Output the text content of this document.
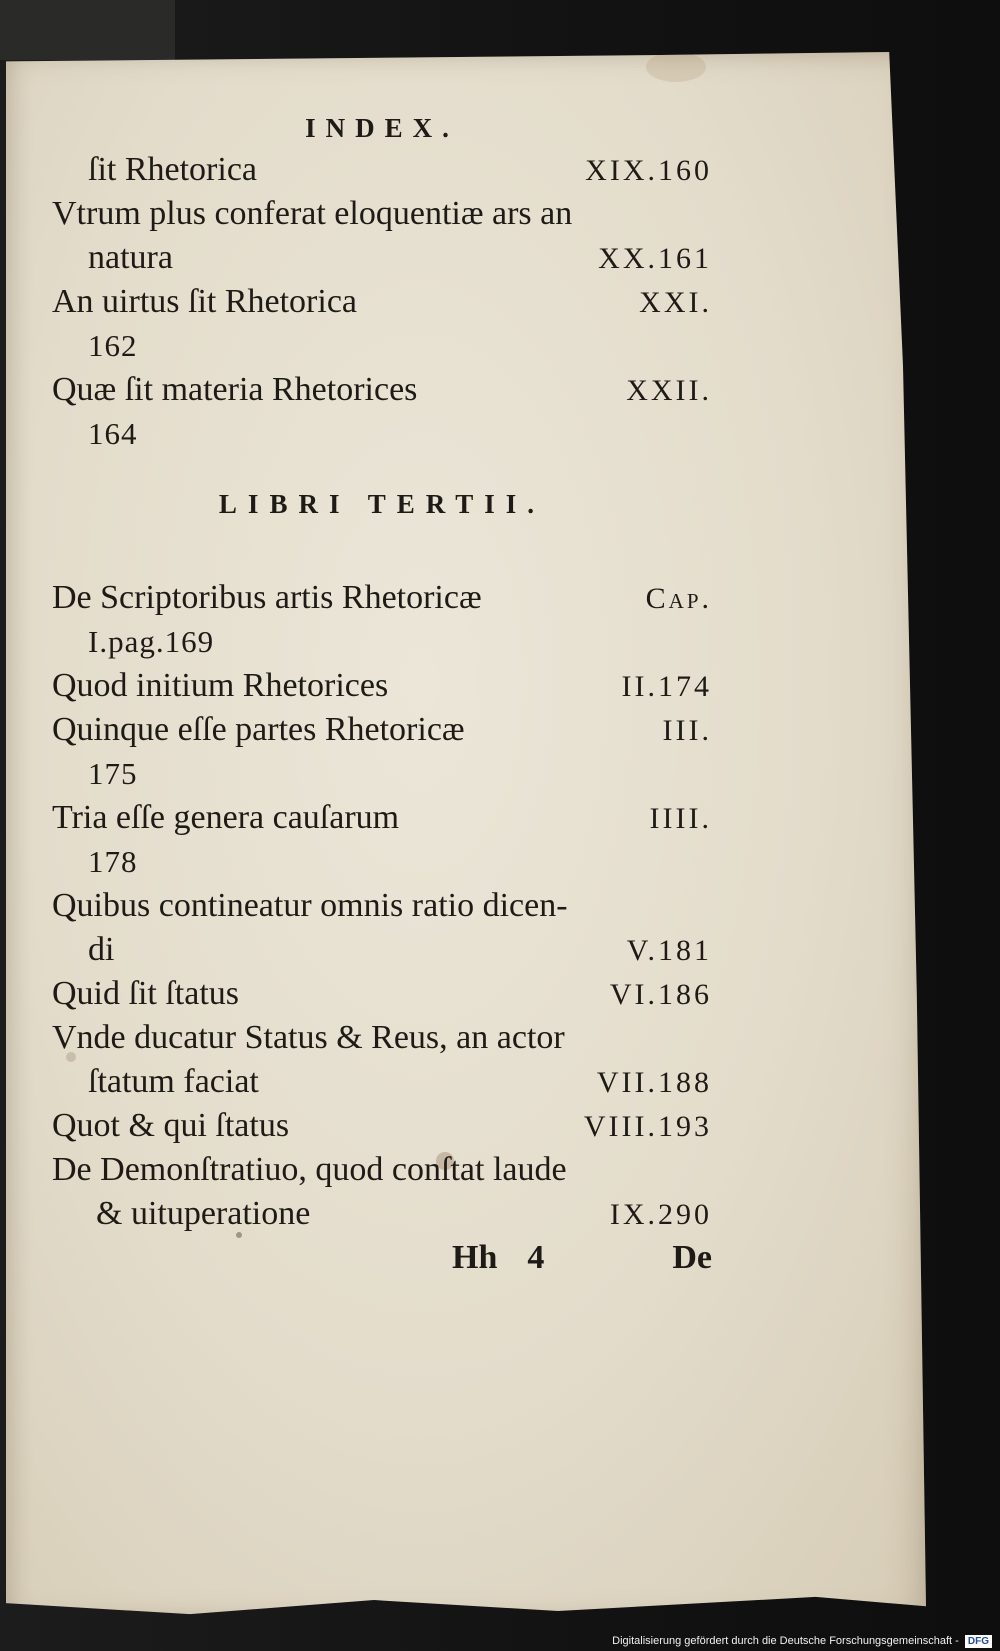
INDEX.
ſit Rhetorica	XIX.160
Vtrum plus conferat eloquentiæ ars an
natura	XX.161
An uirtus ſit Rhetorica	XXI.
162
Quæ ſit materia Rhetorices	XXII.
164
LIBRI TERTII.
De Scriptoribus artis Rhetoricæ	Cap.
I.pag.169
Quod initium Rhetorices	II.174
Quinque eſſe partes Rhetoricæ	III.
175
Tria eſſe genera cauſarum	IIII.
178
Quibus contineatur omnis ratio dicen-
di	V.181
Quid ſit ſtatus	VI.186
Vnde ducatur Status & Reus, an actor
ſtatum faciat	VII.188
Quot & qui ſtatus	VIII.193
De Demonſtratiuo, quod conſtat laude
& uituperatione	IX.290
Hh 4	De
Digitalisierung gefördert durch die Deutsche Forschungsgemeinschaft - DFG
